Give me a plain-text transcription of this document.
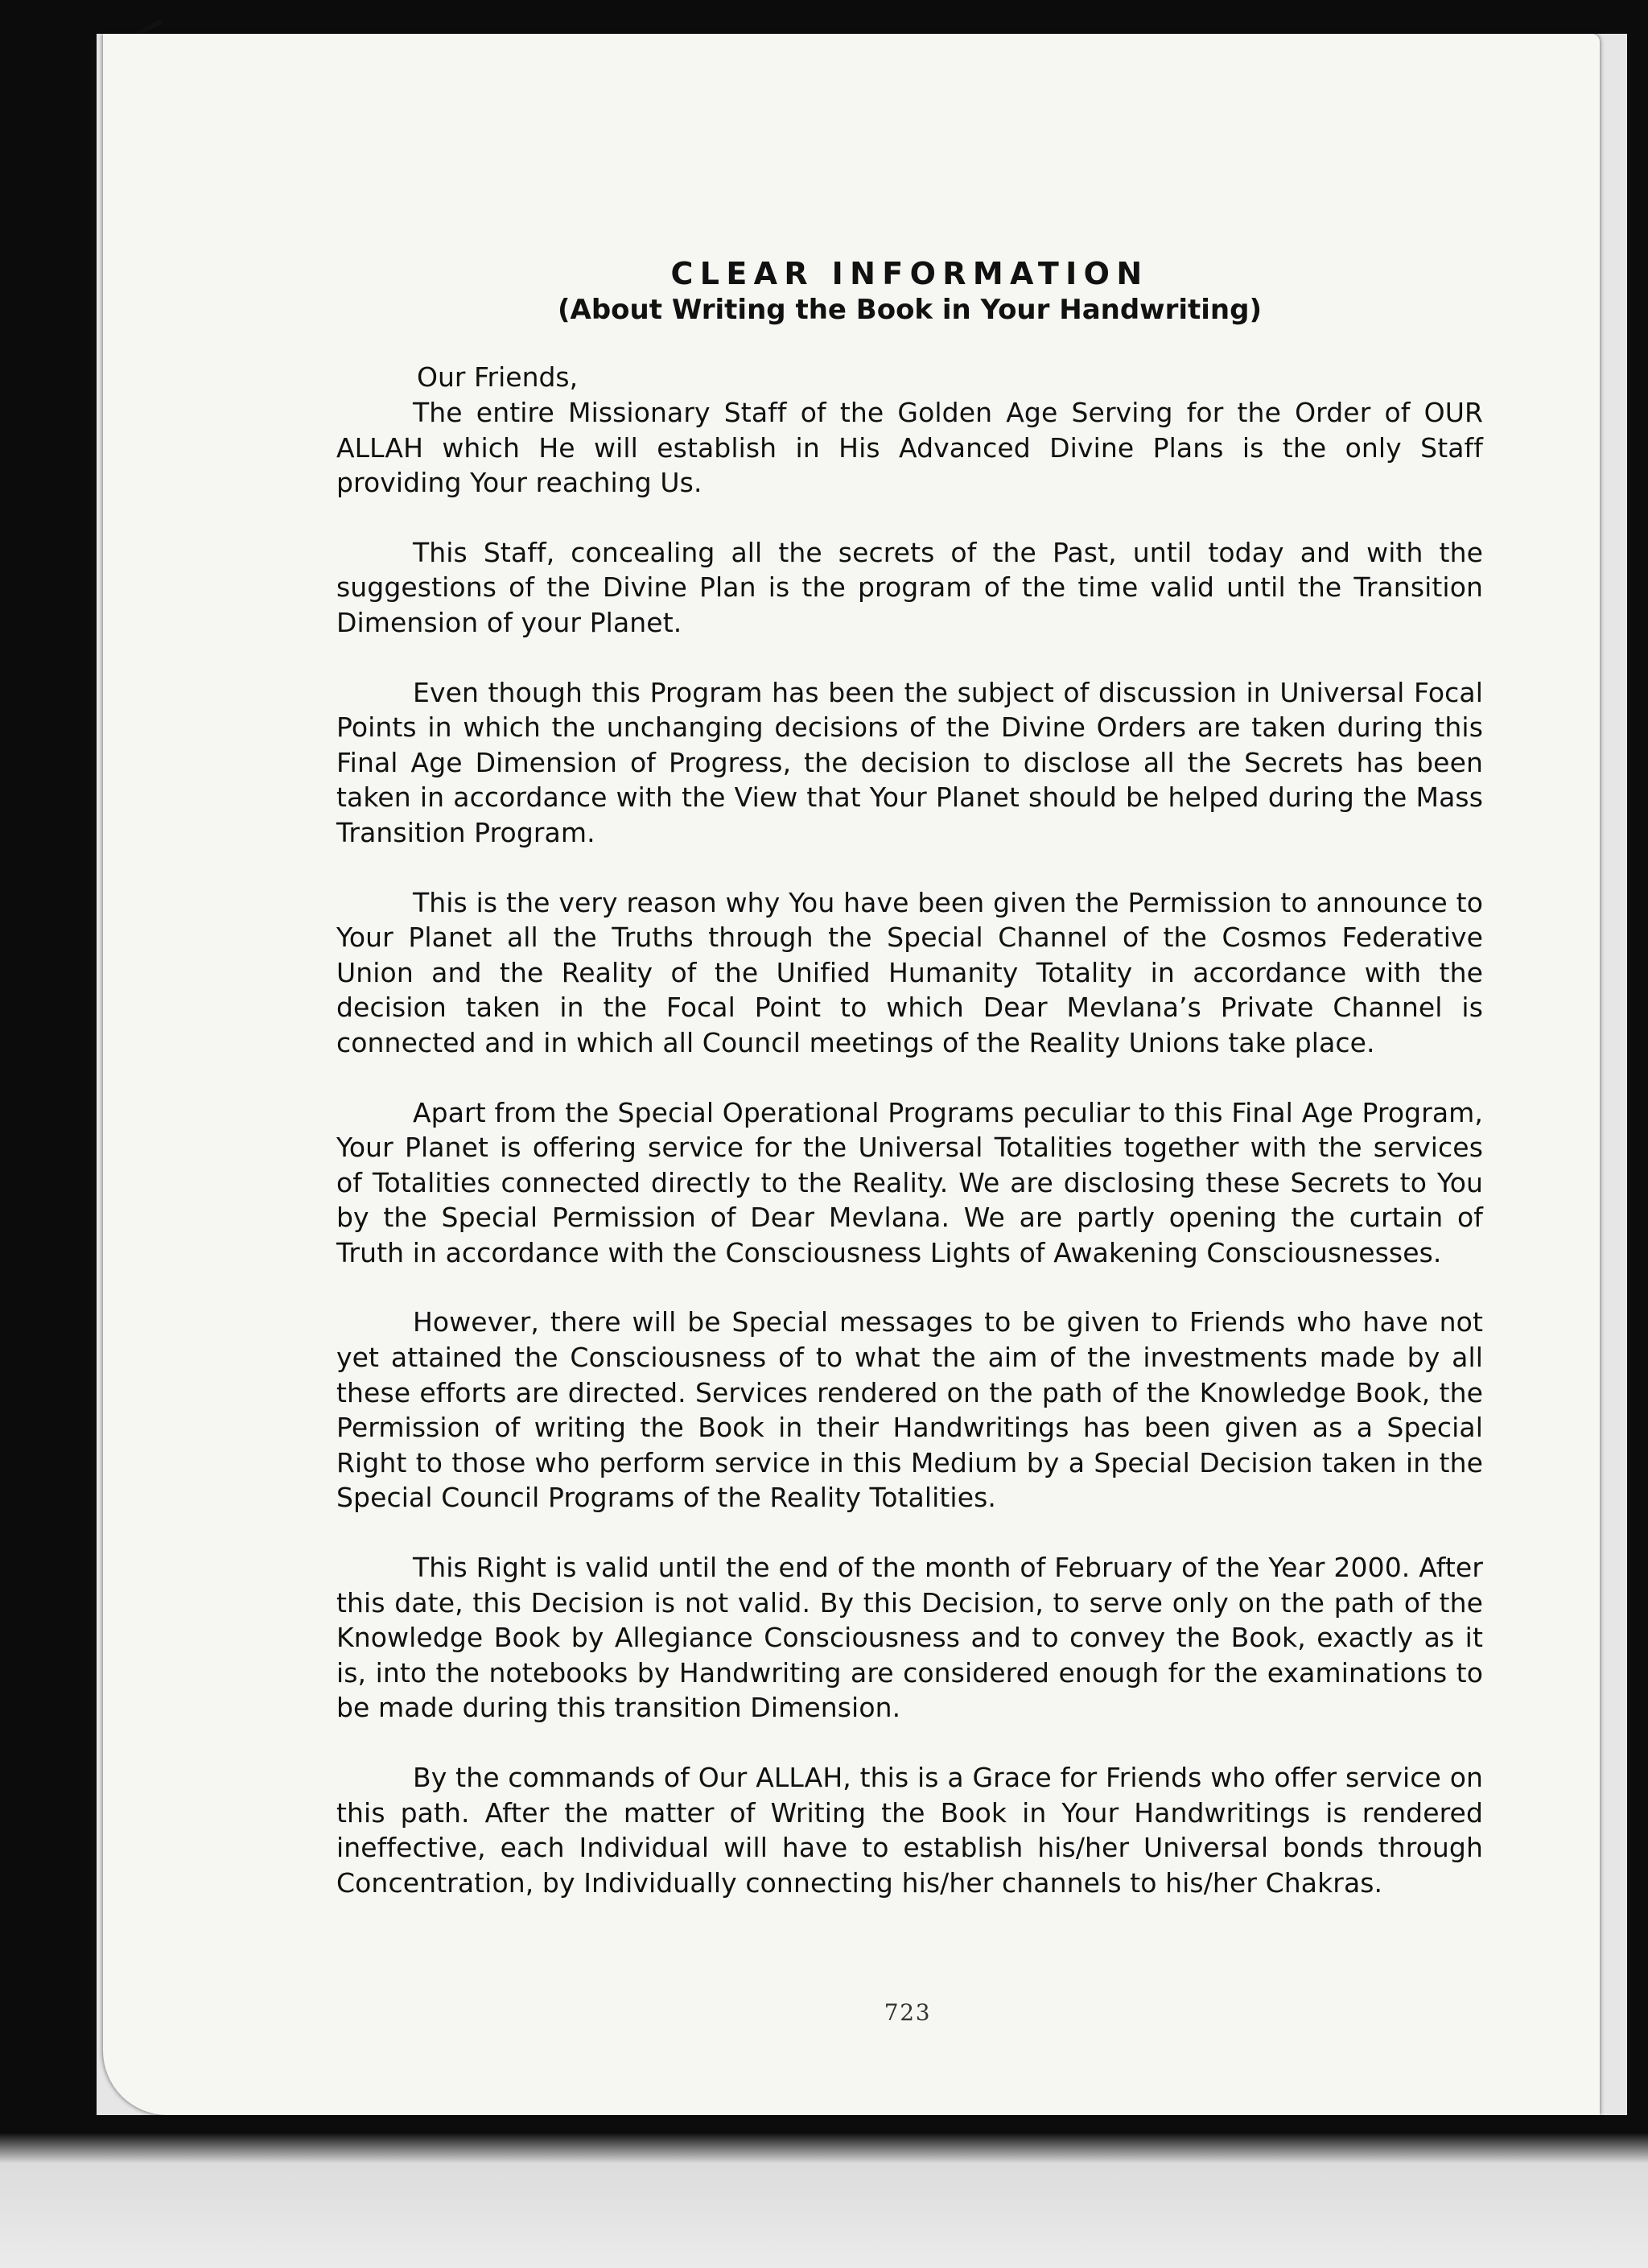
CLEAR INFORMATION
(About Writing the Book in Your Handwriting)

Our Friends,

The entire Missionary Staff of the Golden Age Serving for the Order of OUR ALLAH which He will establish in His Advanced Divine Plans is the only Staff providing Your reaching Us.

This Staff, concealing all the secrets of the Past, until today and with the suggestions of the Divine Plan is the program of the time valid until the Transition Dimension of your Planet.

Even though this Program has been the subject of discussion in Universal Focal Points in which the unchanging decisions of the Divine Orders are taken during this Final Age Dimension of Progress, the decision to disclose all the Secrets has been taken in accordance with the View that Your Planet should be helped during the Mass Transition Program.

This is the very reason why You have been given the Permission to announce to Your Planet all the Truths through the Special Channel of the Cosmos Federative Union and the Reality of the Unified Humanity Totality in accordance with the decision taken in the Focal Point to which Dear Mevlana’s Private Channel is connected and in which all Council meetings of the Reality Unions take place.

Apart from the Special Operational Programs peculiar to this Final Age Program, Your Planet is offering service for the Universal Totalities together with the services of Totalities connected directly to the Reality. We are disclosing these Secrets to You by the Special Permission of Dear Mevlana. We are partly opening the curtain of Truth in accordance with the Consciousness Lights of Awakening Consciousnesses.

However, there will be Special messages to be given to Friends who have not yet attained the Consciousness of to what the aim of the investments made by all these efforts are directed. Services rendered on the path of the Knowledge Book, the Permission of writing the Book in their Handwritings has been given as a Special Right to those who perform service in this Medium by a Special Decision taken in the Special Council Programs of the Reality Totalities.

This Right is valid until the end of the month of February of the Year 2000. After this date, this Decision is not valid. By this Decision, to serve only on the path of the Knowledge Book by Allegiance Consciousness and to convey the Book, exactly as it is, into the notebooks by Handwriting are considered enough for the examinations to be made during this transition Dimension.

By the commands of Our ALLAH, this is a Grace for Friends who offer service on this path. After the matter of Writing the Book in Your Handwritings is rendered ineffective, each Individual will have to establish his/her Universal bonds through Concentration, by Individually connecting his/her channels to his/her Chakras.

723
